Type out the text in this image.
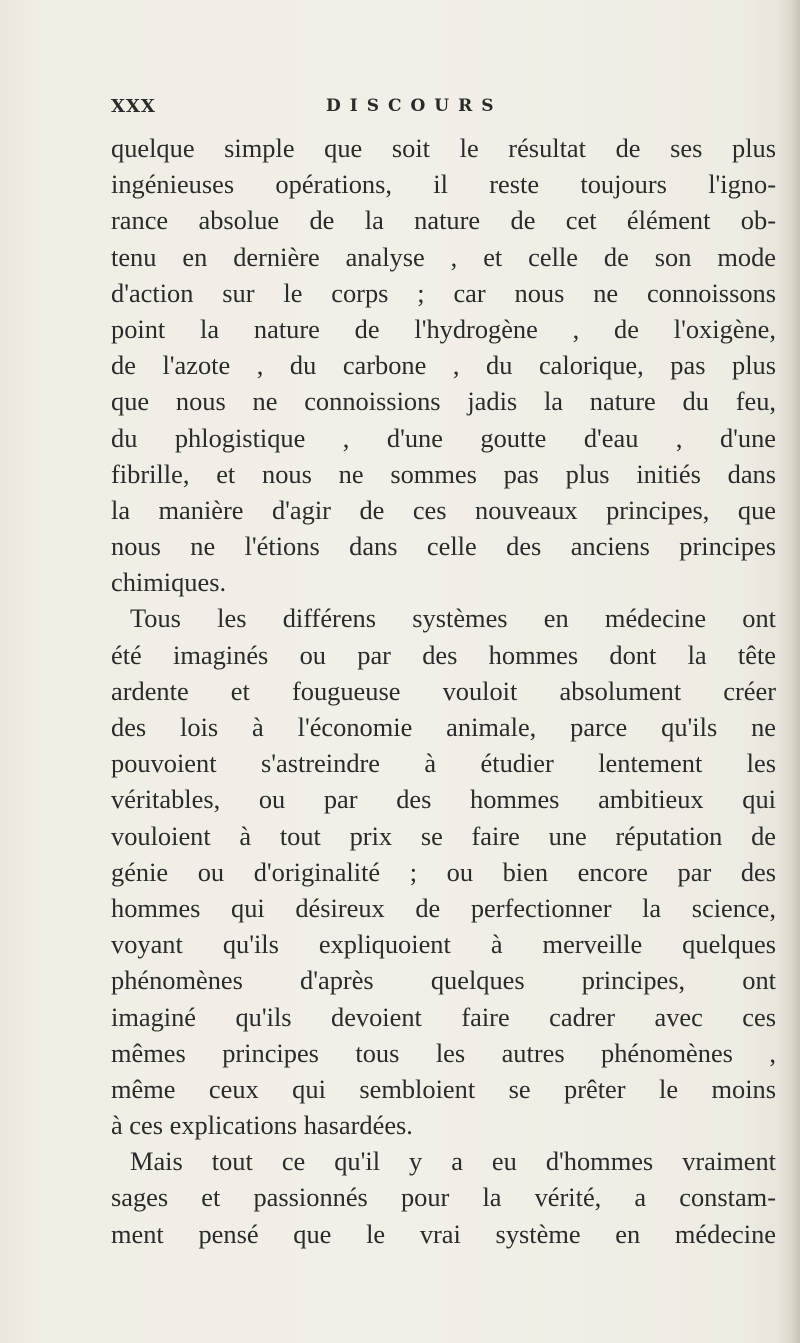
XXX	DISCOURS
quelque simple que soit le résultat de ses plus
ingénieuses opérations, il reste toujours l'igno-
rance absolue de la nature de cet élément ob-
tenu en dernière analyse , et celle de son mode
d'action sur le corps ; car nous ne connoissons
point la nature de l'hydrogène , de l'oxigène,
de l'azote , du carbone , du calorique, pas plus
que nous ne connoissions jadis la nature du feu,
du phlogistique , d'une goutte d'eau , d'une
fibrille, et nous ne sommes pas plus initiés dans
la manière d'agir de ces nouveaux principes, que
nous ne l'étions dans celle des anciens principes
chimiques.
Tous les différens systèmes en médecine ont
été imaginés ou par des hommes dont la tête
ardente et fougueuse vouloit absolument créer
des lois à l'économie animale, parce qu'ils ne
pouvoient s'astreindre à étudier lentement les
véritables, ou par des hommes ambitieux qui
vouloient à tout prix se faire une réputation de
génie ou d'originalité ; ou bien encore par des
hommes qui désireux de perfectionner la science,
voyant qu'ils expliquoient à merveille quelques
phénomènes d'après quelques principes, ont
imaginé qu'ils devoient faire cadrer avec ces
mêmes principes tous les autres phénomènes ,
même ceux qui sembloient se prêter le moins
à ces explications hasardées.
Mais tout ce qu'il y a eu d'hommes vraiment
sages et passionnés pour la vérité, a constam-
ment pensé que le vrai système en médecine
